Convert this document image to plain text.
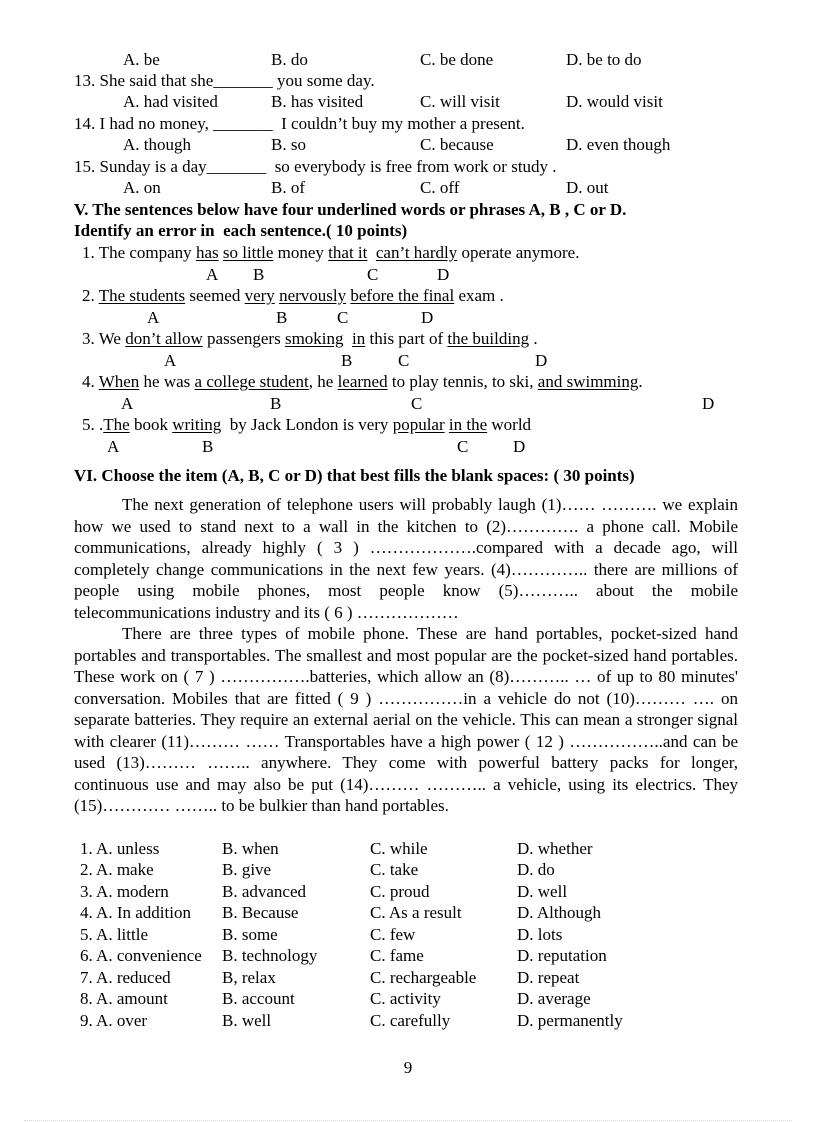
A. be	B. do	C. be done	D. be to do
13. She said that she_______ you some day.
A. had visited	B. has visited	C. will visit	D. would visit
14. I had no money, _______  I couldn’t buy my mother a present.
A. though	B. so	C. because	D. even though
15. Sunday is a day_______  so everybody is free from work or study .
A. on	B. of	C. off	D. out
V. The sentences below have four underlined words or phrases A, B , C or D.
Identify an error in  each sentence.( 10 points)
1. The company has so little money that it can’t hardly operate anymore.
A B	C	D
2. The students seemed very nervously before the final exam .
A	B	C	D
3. We don’t allow passengers smoking in this part of the building .
A	B	C	D
4. When he was a college student, he learned to play tennis, to ski, and swimming.
A	B	C	D
5. .The book writing  by Jack London is very popular in the world
A	B	C	D
VI. Choose the item (A, B, C or D) that best fills the blank spaces: ( 30 points)

The next generation of telephone users will probably laugh (1)…… ………. we explain how we used to stand next to a wall in the kitchen to (2)…………. a phone call. Mobile communications, already highly ( 3 ) ……………….compared with a decade ago, will completely change communications in the next few years. (4)………….. there are millions of people using mobile phones, most people know (5)……….. about the mobile telecommunications industry and its ( 6 ) ………………

There are three types of mobile phone. These are hand portables, pocket-sized hand portables and transportables. The smallest and most popular are the pocket-sized hand portables. These work on ( 7 ) …………….batteries, which allow an (8)……….. … of up to 80 minutes' conversation. Mobiles that are fitted ( 9 ) ……………in a vehicle do not (10)……… …. on separate batteries. They require an external aerial on the vehicle. This can mean a stronger signal with clearer (11)……… …… Transportables have a high power ( 12 ) ……………..and can be used (13)……… …….. anywhere. They come with powerful battery packs for longer, continuous use and may also be put (14)……… ……….. a vehicle, using its electrics. They (15)………… …….. to be bulkier than hand portables.

1. A. unless	B. when	C. while	D. whether
2. A. make	B. give	C. take	D. do
3. A. modern	B. advanced	C. proud	D. well
4. A. In addition B. Because	C. As a result	D. Although
5. A. little	B. some	C. few	D. lots
6. A. convenience B. technology	C. fame	D. reputation
7. A. reduced	B, relax	C. rechargeable D. repeat
8. A. amount	B. account	C. activity	D. average
9. A. over	B. well	C. carefully	D. permanently
9
